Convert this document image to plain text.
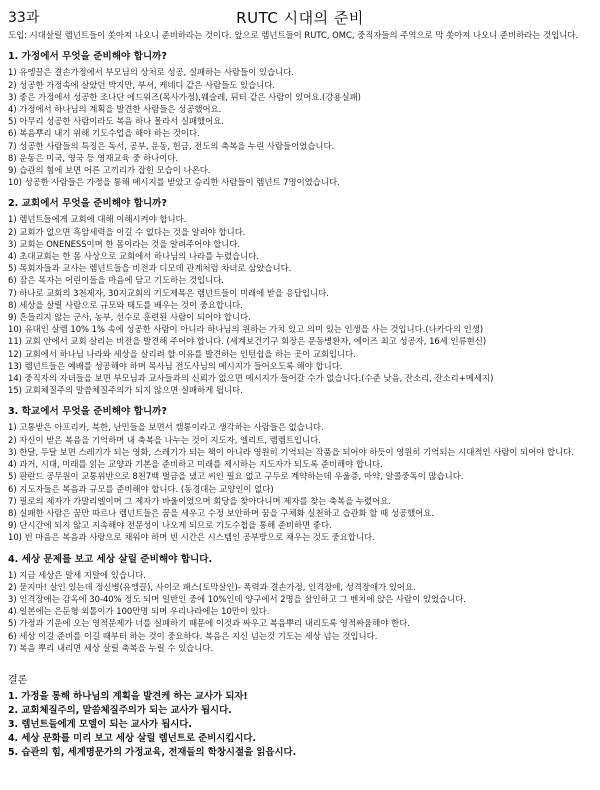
33과	RUTC 시대의 준비

도입: 시대살릴 렘넌트들이 쏫아져 나오니 준비하라는 것이다. 앞으로 렘넌트들이 RUTC, OMC, 중직자들의 주역으로 막 쏫아져 나오니 준비하라는 것입니다.

1. 가정에서 무엇을 준비해야 합니까?
1) 유엥끌은 결손가정에서 부모님의 상처로 성공, 실패하는 사람들이 있습니다.
2) 성공한 가정속에 살았던 박지만, 부셔, 케네디 같은 사람들도 있습니다.
3) 좋은 가정에서 성공한 조나단 에드워즈(목사가정),웨슬레, 뒤터 같은 사람이 있어요.(강용실패)
4) 가정에서 하나님의 계획을 발견한 사람들은 성공했어요.
5) 아무리 성공한 사람이라도 복음 하나 몰라서 실패했어요.
6) 복음뿌리 내기 위해 기도수업을 해야 하는 것이다.
7) 성공한 사람들의 특징은 독서, 공부, 운동, 헌금, 전도의 축복을 누린 사람들이었습니다.
8) 운동은 미국, 영국 등 영재교육 중 하나이다.
9) 습관의 힘에 보면 어른 고끼리가 잡힌 모습이 나온다.
10) 성공한 사람들은 가정을 통해 메시지를 받았고 승리한 사람들이 렘넌트 7명이였습니다.
2. 교회에서 무엇을 준비해야 합니까?
1) 렘넌트들에게 교회에 대해 이해시켜야 합니다.
2) 교회가 없으면 흑암세력을 이길 수 없다는 것을 알려야 합니다.
3) 교회는 ONENESS이며 한 몸이라는 것을 알려주어야 합니다.
4) 초대교회는 한 몸 사상으로 교회에서 하나님의 나라를 누렸습니다.
5) 목회자들과 교사는 렘넌트들을 비전과 디모데 관계처럼 차녀로 삼았습니다.
6) 잠은 목자는 어린이들을 마음에 담고 기도하는 것입니다.
7) 하나로 교회의 3천제자, 30지교회의 기도제목은 렘넌트들이 미래에 받을 응답입니다.
8) 세상을 살릴 사람으로 규모와 태도를 배우는 것이 중요합니다.
9) 흔들리지 않는 군사, 농부, 선수로 훈련된 사람이 되어야 합니다.
10) 유대인 살렘 10% 1% 속에 성공한 사람이 아니라 하나님의 원하는 가치 있고 의미 있는 인생을 사는 것입니다.(나카다의 인생)
11) 교회 안에서 교회 살리는 비전을 발견해 주어야 합니다. (세계보건기구 회장은 문동병환자, 에이즈 최고 성공자, 16세 인류현신)
12) 교회에서 하나님 나라와 세상을 살리려 할 이유를 발견하는 인턴쉽을 하는 곳이 교회입니다.
13) 렘넌트들은 예배를 성공해야 하며 목사님 전도사님의 메시지가 들어오도록 해야 합니다.
14) 중직자의 자녀들을 보면 부모님과 교사들과의 신뢰가 없으면 메시지가 들어갈 수가 없습니다.(수준 낮음, 잔소리, 잔소리+메세지)
15) 교회체질주의 말씀체질주의가 되지 않으면 실패하게 됩니다.
3. 학교에서 무엇을 준비해야 합니까?
1) 고통받은 아프리카, 북한, 난민들을 보면서 캠통이라고 생각하는 사람들은 없습니다.
2) 자신이 받은 복음을 기억하며 내 축복을 나누는 것이 지도자, 엘리트, 렘렘트입니다.
3) 한달, 두달 보면 스레기가 되는 영화, 스레기가 되는 책이 아니라 영원히 기억되는 작품을 되어야 하듯이 영원히 기억되는 시대적인 사람이 되어야 합니다.
4) 과거, 시대, 미래를 읽는 교양과 기본을 준비하고 미래를 제시하는 지도자가 되도록 준비해야 합니다.
5) 판란드 공무원이 교통위반으로 8천7백 벌금을 냈고 씨인 필요 없고 구두로 계약하는데 우울증, 마약, 알콜중독이 많습니다.
6) 지도자들은 복음과 규모를 준비해야 합니다. (동경대는 교양인이 없다)
7) 필로의 제자가 가말리엘이며 그 제자가 바울이었으며 회당을 찾아다니며 제자를 찾는 축복을 누렸어요.
8) 실패한 사람은 꿈만 따르나 렘넌트들은 꿈을 세우고 수정 보안하며 꿈을 구체화 실천하고 습관화 할 때 성공했어요.
9) 단시간에 되지 않고 지속해야 전문성이 나오게 되므로 기도수첩을 통해 준비하면 좋다.
10) 빈 마음은 복음과 사랑으로 채워야 하며 빈 시간은 시스템인 공부방으로 채우는 것도 중요합니다.
4. 세상 문제를 보고 세상 살릴 준비해야 합니다.
1) 지금 세상은 말세 지말에 있습니다.
2) 묻지마! 살인 있는데 정신병(유엥끌), 사이코 패스(토막살인)- 폭력과 결손가정, 인격장애, 성격장애가 있어요.
3) 인격장애는 감옥에 30-40% 정도 되며 일반인 중에 10%인데 양구에서 2명을 살인하고 그 벤치에 앉은 사람이 있었습니다.
4) 일본에는 은둔형 외톨이가 100만명 되며 우리나라에는 10만이 있다.
5) 가정과 기운에 오는 영적문제가 너를 실패하기 때문에 이것과 싸우고 복음뿌리 내리도록 영적싸움해야 한다.
6) 세상 이길 준비를 이길 때부터 하는 것이 중요하다. 복음은 지신 넘는것 기도는 세상 넘는 것입니다.
7) 복음 뿌리 내리면 세상 살릴 축복을 누릴 수 있습니다.
결론
1. 가정을 통해 하나님의 계획을 발견케 하는 교사가 되자!
2. 교회체질주의, 말씀체질주의가 되는 교사가 됩시다.
3. 렘넌트들에게 모델이 되는 교사가 됩시다.
4. 세상 문화를 미리 보고 세상 살릴 렘넌트로 준비시킵시다.
5. 습관의 힘, 세계명문가의 가정교육, 전재들의 학창시절을 읽읍시다.
